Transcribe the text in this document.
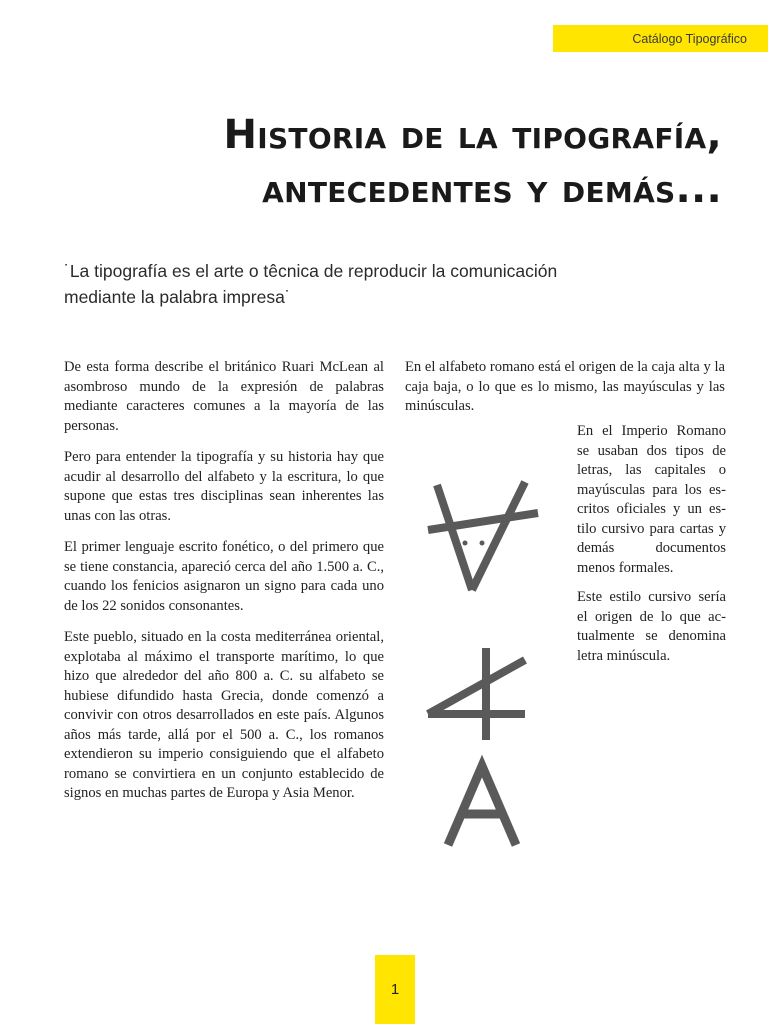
Catálogo Tipográfico
Historia de la tipografía,
antecedentes y demás...
˙La tipografía es el arte o têcnica de reproducir la comunicación
mediante la palabra impresa˙

De esta forma describe el británico Ruari McLean al asombroso mundo de la expresión de palabras mediante caracteres comunes a la mayoría de las personas.

Pero para entender la tipografía y su historia hay que acudir al desarrollo del alfabeto y la escritura, lo que supone que estas tres disciplinas sean inherentes las unas con las otras.

El primer lenguaje escrito fonético, o del primero que se tiene constancia, apareció cerca del año 1.500 a. C., cuando los fenicios asignaron un signo para cada uno de los 22 sonidos consonantes.

Este pueblo, situado en la costa mediterránea oriental, explotaba al máximo el transporte marítimo, lo que hizo que alrededor del año 800 a. C. su alfabeto se hubiese difundido hasta Grecia, donde comenzó a convivir con otros desarrollados en este país. Algunos años más tarde, allá por el 500 a. C., los romanos extendieron su imperio consiguiendo que el alfabeto romano se convirtiera en un conjunto establecido de signos en muchas partes de Europa y Asia Menor.

En el alfabeto romano está el origen de la caja alta y la caja baja, o lo que es lo mismo, las mayúsculas y las minúsculas.

En el Imperio Romano se usaban dos tipos de letras, las capitales o mayúsculas para los escritos oficiales y un estilo cursivo para cartas y demás documentos menos formales.

Este estilo cursivo sería el origen de lo que actualmente se denomina letra minúscula.

1
